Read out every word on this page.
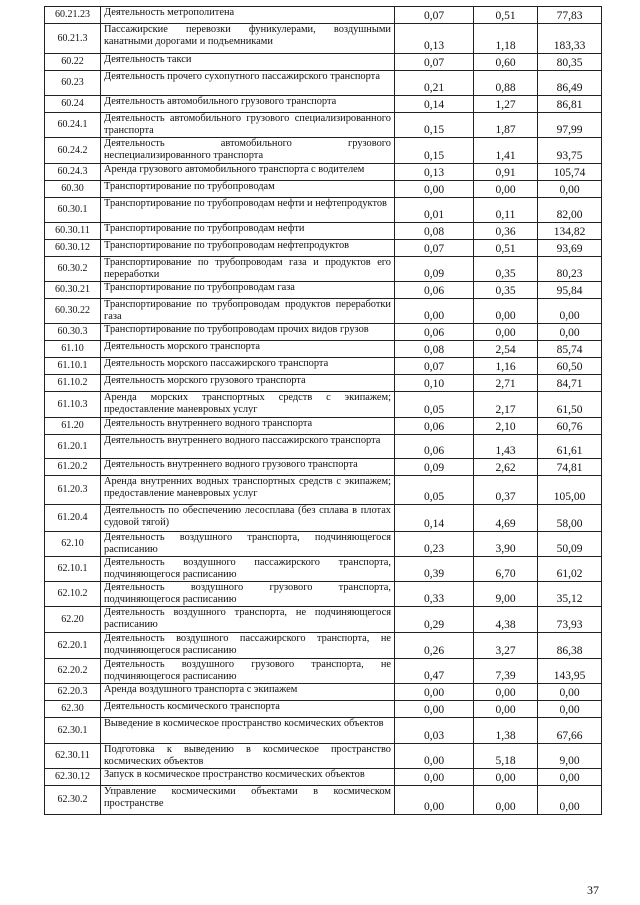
60.21.23	Деятельность метрополитена	0,07	0,51	77,83
60.21.3	Пассажирские перевозки фуникулерами, воздушными канатными дорогами и подъемниками	0,13	1,18	183,33
60.22	Деятельность такси	0,07	0,60	80,35
60.23	Деятельность прочего сухопутного пассажирского транспорта	0,21	0,88	86,49
60.24	Деятельность автомобильного грузового транспорта	0,14	1,27	86,81
60.24.1	Деятельность автомобильного грузового специализированного транспорта	0,15	1,87	97,99
60.24.2	Деятельность автомобильного грузового неспециализированного транспорта	0,15	1,41	93,75
60.24.3	Аренда грузового автомобильного транспорта с водителем	0,13	0,91	105,74
60.30	Транспортирование по трубопроводам	0,00	0,00	0,00
60.30.1	Транспортирование по трубопроводам нефти и нефтепродуктов	0,01	0,11	82,00
60.30.11	Транспортирование по трубопроводам нефти	0,08	0,36	134,82
60.30.12	Транспортирование по трубопроводам нефтепродуктов	0,07	0,51	93,69
60.30.2	Транспортирование по трубопроводам газа и продуктов его переработки	0,09	0,35	80,23
60.30.21	Транспортирование по трубопроводам газа	0,06	0,35	95,84
60.30.22	Транспортирование по трубопроводам продуктов переработки газа	0,00	0,00	0,00
60.30.3	Транспортирование по трубопроводам прочих видов грузов	0,06	0,00	0,00
61.10	Деятельность морского транспорта	0,08	2,54	85,74
61.10.1	Деятельность морского пассажирского транспорта	0,07	1,16	60,50
61.10.2	Деятельность морского грузового транспорта	0,10	2,71	84,71
61.10.3	Аренда морских транспортных средств с экипажем; предоставление маневровых услуг	0,05	2,17	61,50
61.20	Деятельность внутреннего водного транспорта	0,06	2,10	60,76
61.20.1	Деятельность внутреннего водного пассажирского транспорта	0,06	1,43	61,61
61.20.2	Деятельность внутреннего водного грузового транспорта	0,09	2,62	74,81
61.20.3	Аренда внутренних водных транспортных средств с экипажем; предоставление маневровых услуг	0,05	0,37	105,00
61.20.4	Деятельность по обеспечению лесосплава (без сплава в плотах судовой тягой)	0,14	4,69	58,00
62.10	Деятельность воздушного транспорта, подчиняющегося расписанию	0,23	3,90	50,09
62.10.1	Деятельность воздушного пассажирского транспорта, подчиняющегося расписанию	0,39	6,70	61,02
62.10.2	Деятельность воздушного грузового транспорта, подчиняющегося расписанию	0,33	9,00	35,12
62.20	Деятельность воздушного транспорта, не подчиняющегося расписанию	0,29	4,38	73,93
62.20.1	Деятельность воздушного пассажирского транспорта, не подчиняющегося расписанию	0,26	3,27	86,38
62.20.2	Деятельность воздушного грузового транспорта, не подчиняющегося расписанию	0,47	7,39	143,95
62.20.3	Аренда воздушного транспорта с экипажем	0,00	0,00	0,00
62.30	Деятельность космического транспорта	0,00	0,00	0,00
62.30.1	Выведение в космическое пространство космических объектов	0,03	1,38	67,66
62.30.11	Подготовка к выведению в космическое пространство космических объектов	0,00	5,18	9,00
62.30.12	Запуск в космическое пространство космических объектов	0,00	0,00	0,00
62.30.2	Управление космическими объектами в космическом пространстве	0,00	0,00	0,00
37
